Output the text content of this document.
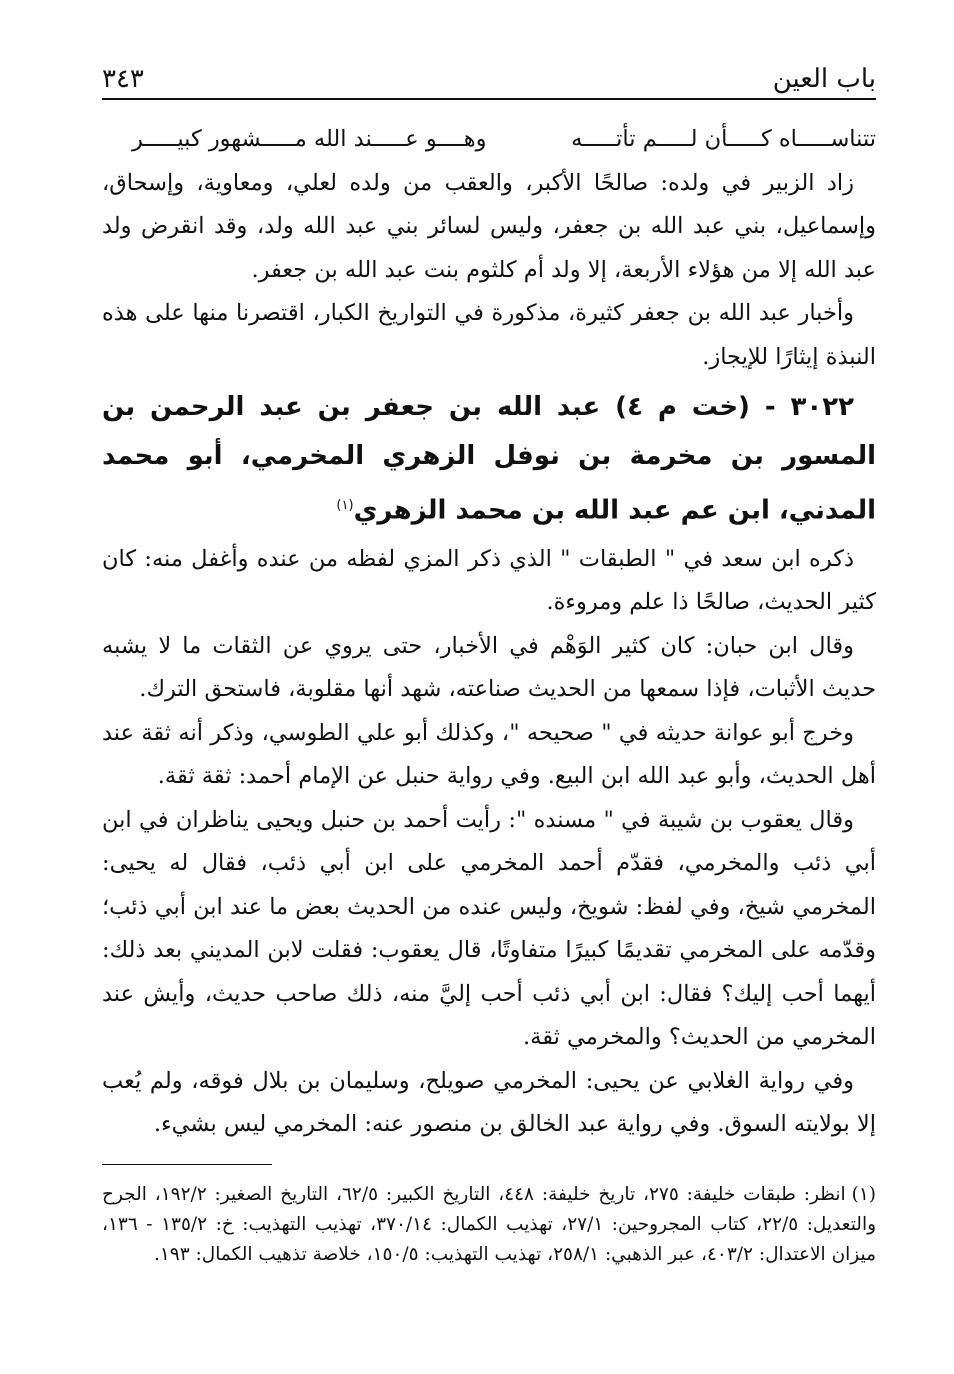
باب العين
٣٤٣
تتناســـــاه كـــــأن لـــــم تأتـــــه
وهــــو عـــــند الله مـــــشهور كبيـــــر

زاد الزبير في ولده: صالحًا الأكبر، والعقب من ولده لعلي، ومعاوية، وإسحاق، وإسماعيل، بني عبد الله بن جعفر، وليس لسائر بني عبد الله ولد، وقد انقرض ولد عبد الله إلا من هؤلاء الأربعة، إلا ولد أم كلثوم بنت عبد الله بن جعفر.

وأخبار عبد الله بن جعفر كثيرة، مذكورة في التواريخ الكبار، اقتصرنا منها على هذه النبذة إيثارًا للإيجاز.

٣٠٢٢ - (خت م ٤) عبد الله بن جعفر بن عبد الرحمن بن المسور بن مخرمة بن نوفل الزهري المخرمي، أبو محمد المدني، ابن عم عبد الله بن محمد الزهري$^{(١)}$

ذكره ابن سعد في " الطبقات " الذي ذكر المزي لفظه من عنده وأغفل منه: كان كثير الحديث، صالحًا ذا علم ومروءة.

وقال ابن حبان: كان كثير الوَهْم في الأخبار، حتى يروي عن الثقات ما لا يشبه حديث الأثبات، فإذا سمعها من الحديث صناعته، شهد أنها مقلوبة، فاستحق الترك.

وخرج أبو عوانة حديثه في " صحيحه "، وكذلك أبو علي الطوسي، وذكر أنه ثقة عند أهل الحديث، وأبو عبد الله ابن البيع. وفي رواية حنبل عن الإمام أحمد: ثقة ثقة.

وقال يعقوب بن شيبة في " مسنده ": رأيت أحمد بن حنبل ويحيى يناظران في ابن أبي ذئب والمخرمي، فقدّم أحمد المخرمي على ابن أبي ذئب، فقال له يحيى: المخرمي شيخ، وفي لفظ: شويخ، وليس عنده من الحديث بعض ما عند ابن أبي ذئب؛ وقدّمه على المخرمي تقديمًا كبيرًا متفاوتًا، قال يعقوب: فقلت لابن المديني بعد ذلك: أيهما أحب إليك؟ فقال: ابن أبي ذئب أحب إليَّ منه، ذلك صاحب حديث، وأيش عند المخرمي من الحديث؟ والمخرمي ثقة.

وفي رواية الغلابي عن يحيى: المخرمي صويلح، وسليمان بن بلال فوقه، ولم يُعب إلا بولايته السوق. وفي رواية عبد الخالق بن منصور عنه: المخرمي ليس بشيء.

(١)انظر: طبقات خليفة: ٢٧٥، تاريخ خليفة: ٤٤٨، التاريخ الكبير: ٦٢/٥، التاريخ الصغير: ١٩٢/٢، الجرح والتعديل: ٢٢/٥، كتاب المجروحين: ٢٧/١، تهذيب الكمال: ٣٧٠/١٤، تهذيب التهذيب: خ: ١٣٥/٢ - ١٣٦، ميزان الاعتدال: ٤٠٣/٢، عبر الذهبي: ٢٥٨/١، تهذيب التهذيب: ١٥٠/٥، خلاصة تذهيب الكمال: ١٩٣.
